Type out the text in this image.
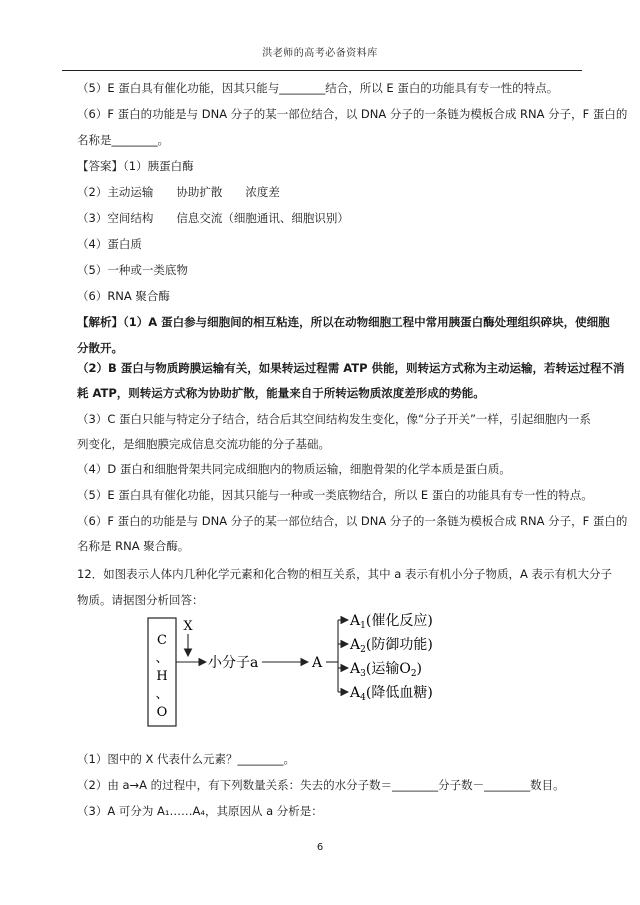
洪老师的高考必备资料库
（5）E 蛋白具有催化功能，因其只能与________结合，所以 E 蛋白的功能具有专一性的特点。
（6）F 蛋白的功能是与 DNA 分子的某一部位结合，以 DNA 分子的一条链为模板合成 RNA 分子，F 蛋白的
名称是________。
【答案】（1）胰蛋白酶
（2）主动运输　　协助扩散　　浓度差
（3）空间结构　　信息交流（细胞通讯、细胞识别）
（4）蛋白质
（5）一种或一类底物
（6）RNA 聚合酶
【解析】（1）A 蛋白参与细胞间的相互粘连，所以在动物细胞工程中常用胰蛋白酶处理组织碎块，使细胞
分散开。
（2）B 蛋白与物质跨膜运输有关，如果转运过程需 ATP 供能，则转运方式称为主动运输，若转运过程不消
耗 ATP，则转运方式称为协助扩散，能量来自于所转运物质浓度差形成的势能。
（3）C 蛋白只能与特定分子结合，结合后其空间结构发生变化，像“分子开关”一样，引起细胞内一系
列变化，是细胞膜完成信息交流功能的分子基础。
（4）D 蛋白和细胞骨架共同完成细胞内的物质运输，细胞骨架的化学本质是蛋白质。
（5）E 蛋白具有催化功能，因其只能与一种或一类底物结合，所以 E 蛋白的功能具有专一性的特点。
（6）F 蛋白的功能是与 DNA 分子的某一部位结合，以 DNA 分子的一条链为模板合成 RNA 分子，F 蛋白的
名称是 RNA 聚合酶。
12．如图表示人体内几种化学元素和化合物的相互关系，其中 a 表示有机小分子物质，A 表示有机大分子
物质。请据图分析回答：
C
、
H
、
O
X
小分子a	A
$A_1$(催化反应)
$A_2$(防御功能)
$A_3$(运输$O_2$)
$A_4$(降低血糖)
（1）图中的 X 代表什么元素？________。
（2）由 a→A 的过程中，有下列数量关系：失去的水分子数＝________分子数－________数目。
（3）A 可分为 A₁……A₄，其原因从 a 分析是：
6
